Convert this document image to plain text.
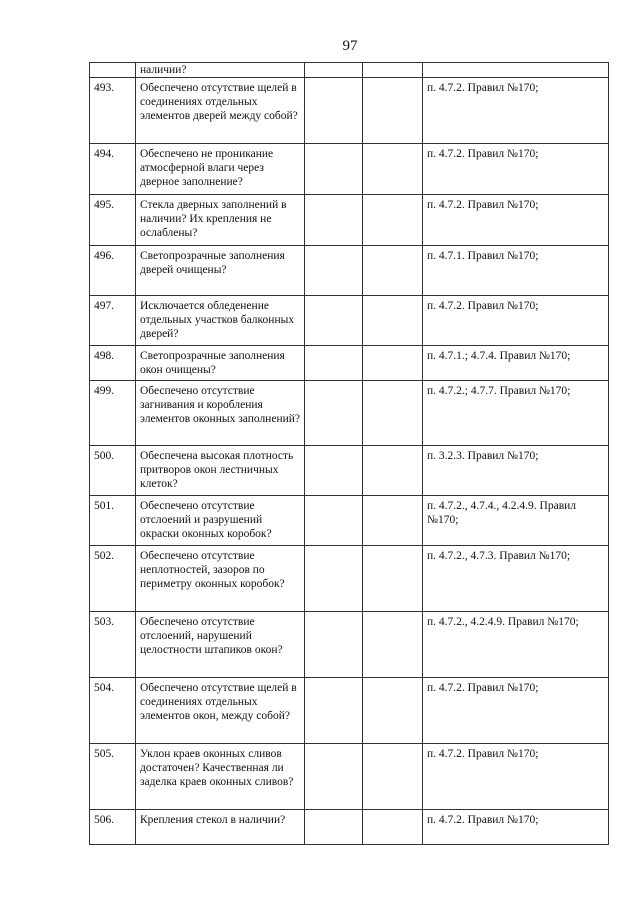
97
	наличии?			
493.	Обеспечено отсутствие щелей в соединениях отдельных элементов дверей между собой?			п. 4.7.2. Правил №170;
494.	Обеспечено не проникание атмосферной влаги через дверное заполнение?			п. 4.7.2. Правил №170;
495.	Стекла дверных заполнений в наличии? Их крепления не ослаблены?			п. 4.7.2. Правил №170;
496.	Светопрозрачные заполнения дверей очищены?			п. 4.7.1. Правил №170;
497.	Исключается обледенение отдельных участков балконных дверей?			п. 4.7.2. Правил №170;
498.	Светопрозрачные заполнения окон очищены?			п. 4.7.1.; 4.7.4. Правил №170;
499.	Обеспечено отсутствие загнивания и коробления элементов оконных заполнений?			п. 4.7.2.; 4.7.7. Правил №170;
500.	Обеспечена высокая плотность притворов окон лестничных клеток?			п. 3.2.3. Правил №170;
501.	Обеспечено отсутствие отслоений и разрушений окраски оконных коробок?			п. 4.7.2., 4.7.4., 4.2.4.9. Правил №170;
502.	Обеспечено отсутствие неплотностей, зазоров по периметру оконных коробок?			п. 4.7.2., 4.7.3. Правил №170;
503.	Обеспечено отсутствие отслоений, нарушений целостности штапиков окон?			п. 4.7.2., 4.2.4.9. Правил №170;
504.	Обеспечено отсутствие щелей в соединениях отдельных элементов окон, между собой?			п. 4.7.2. Правил №170;
505.	Уклон краев оконных сливов достаточен? Качественная ли заделка краев оконных сливов?			п. 4.7.2. Правил №170;
506.	Крепления стекол в наличии?			п. 4.7.2. Правил №170;
